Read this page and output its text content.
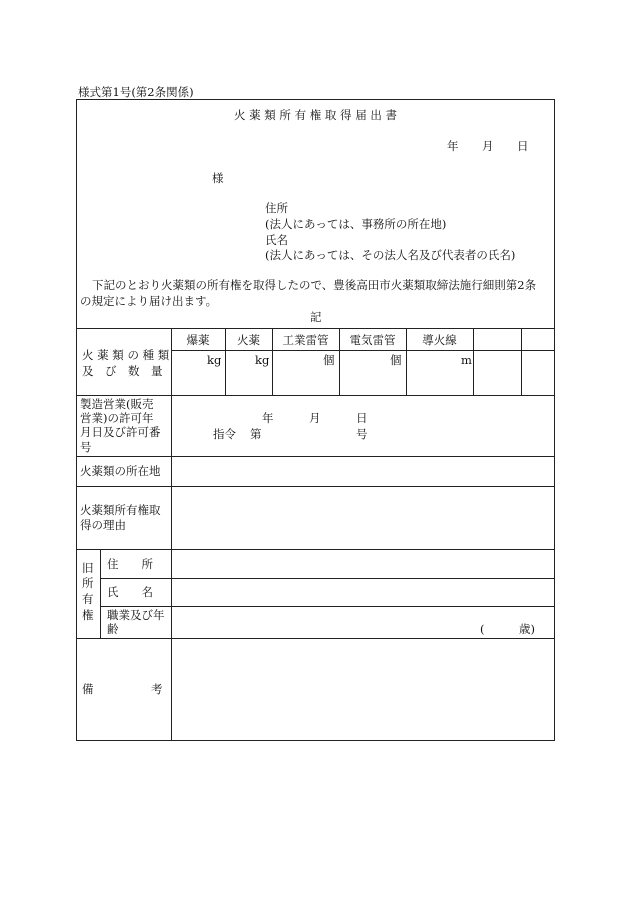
様式第1号(第2条関係)
火 薬 類 所 有 権 取 得 届 出 書
年 月 日
様
住所
(法人にあっては、事務所の所在地)
氏名
(法人にあっては、その法人名及び代表者の氏名)
下記のとおり火薬類の所有権を取得したので、豊後高田市火薬類取締法施行細則第2条
の規定により届け出ます。
記
火 薬 類 の 種 類
及　び　数　量
爆薬	火薬	工業雷管	電気雷管	導火線
kg	kg	個	個	m
製造営業(販売
営業)の許可年
月日及び許可番
号
年	月	日
指令 第	号
火薬類の所在地
火薬類所有権取
得の理由
旧
所
有
権
住　　所
氏　　名
職業及び年
齢	(	歳)
備　　　　　考
